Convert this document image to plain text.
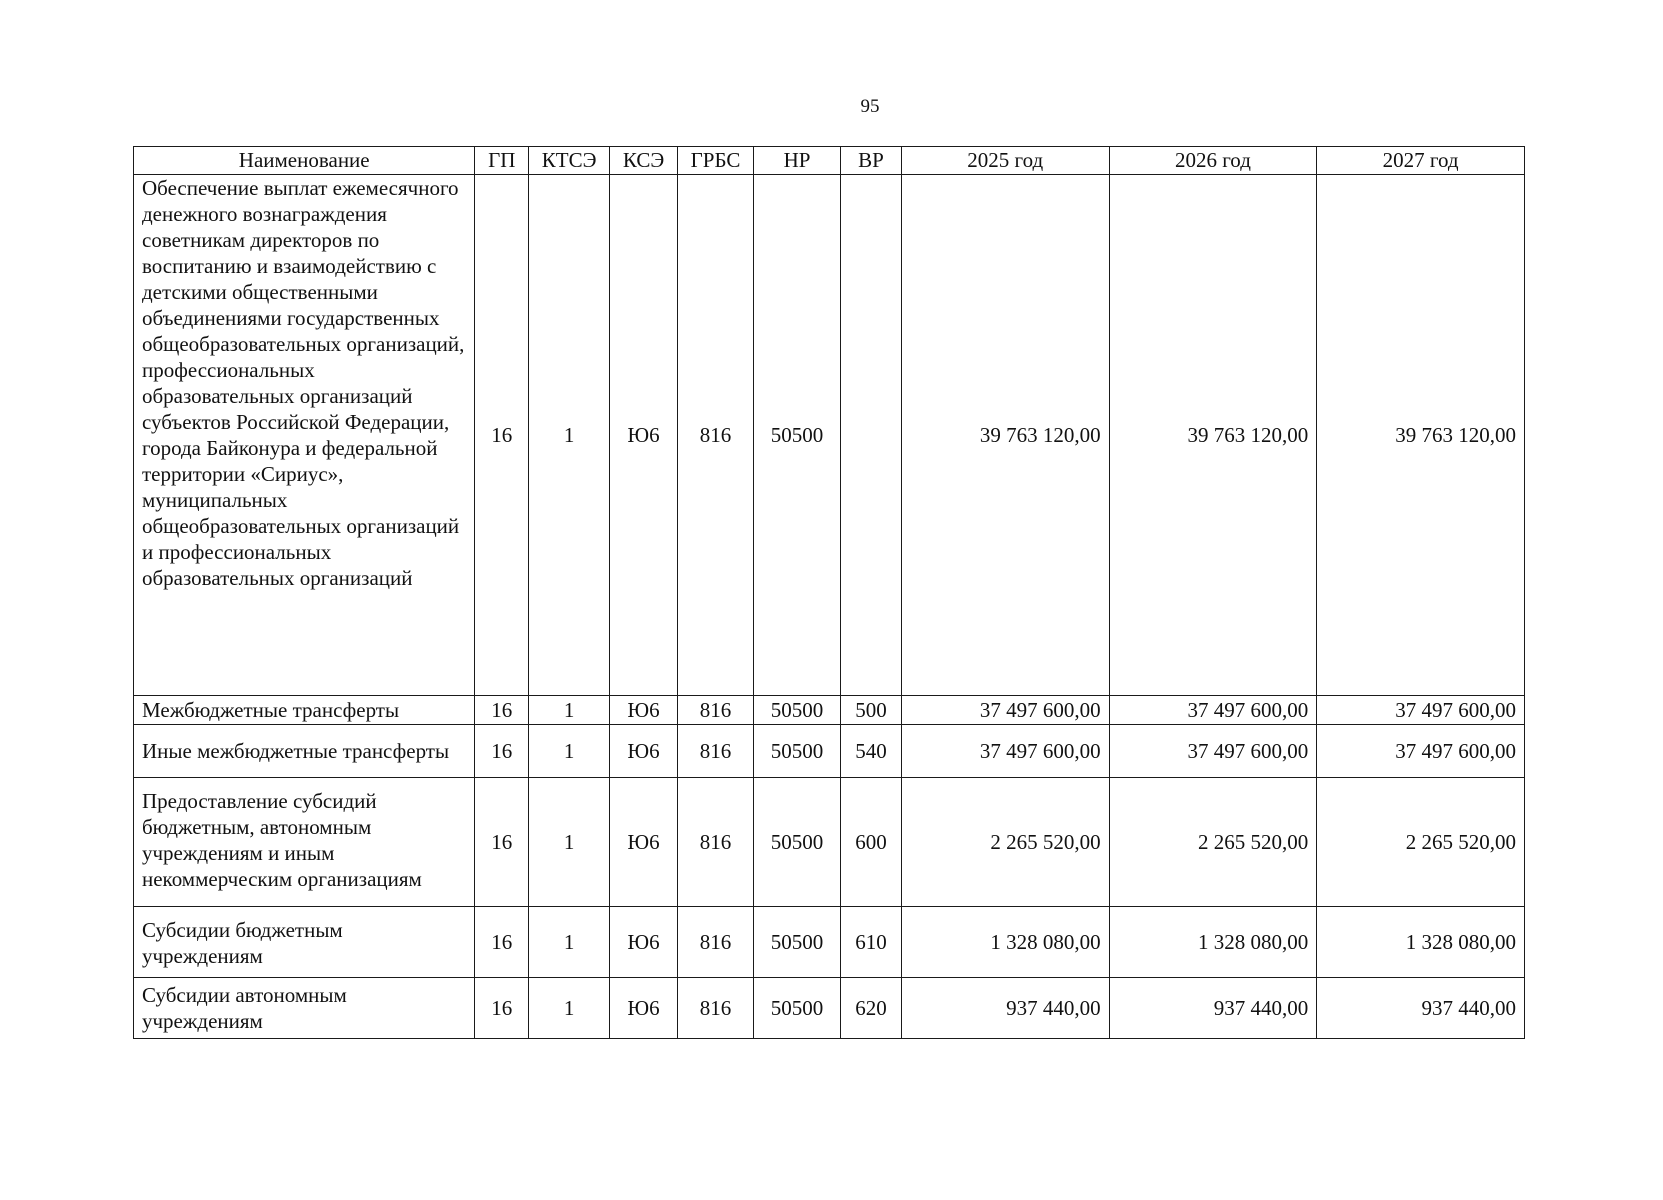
95
Наименование	ГП	КТСЭ	КСЭ	ГРБС	НР	ВР	2025 год	2026 год	2027 год
Обеспечение выплат ежемесячного денежного вознаграждения советникам директоров по воспитанию и взаимодействию с детскими общественными объединениями государственных общеобразовательных организаций, профессиональных образовательных организаций субъектов Российской Федерации, города Байконура и федеральной территории «Сириус», муниципальных общеобразовательных организаций и профессиональных образовательных организаций	16	1	Ю6	816	50500		39 763 120,00	39 763 120,00	39 763 120,00
Межбюджетные трансферты	16	1	Ю6	816	50500	500	37 497 600,00	37 497 600,00	37 497 600,00
Иные межбюджетные трансферты	16	1	Ю6	816	50500	540	37 497 600,00	37 497 600,00	37 497 600,00
Предоставление субсидий бюджетным, автономным учреждениям и иным некоммерческим организациям	16	1	Ю6	816	50500	600	2 265 520,00	2 265 520,00	2 265 520,00
Субсидии бюджетным учреждениям	16	1	Ю6	816	50500	610	1 328 080,00	1 328 080,00	1 328 080,00
Субсидии автономным учреждениям	16	1	Ю6	816	50500	620	937 440,00	937 440,00	937 440,00
